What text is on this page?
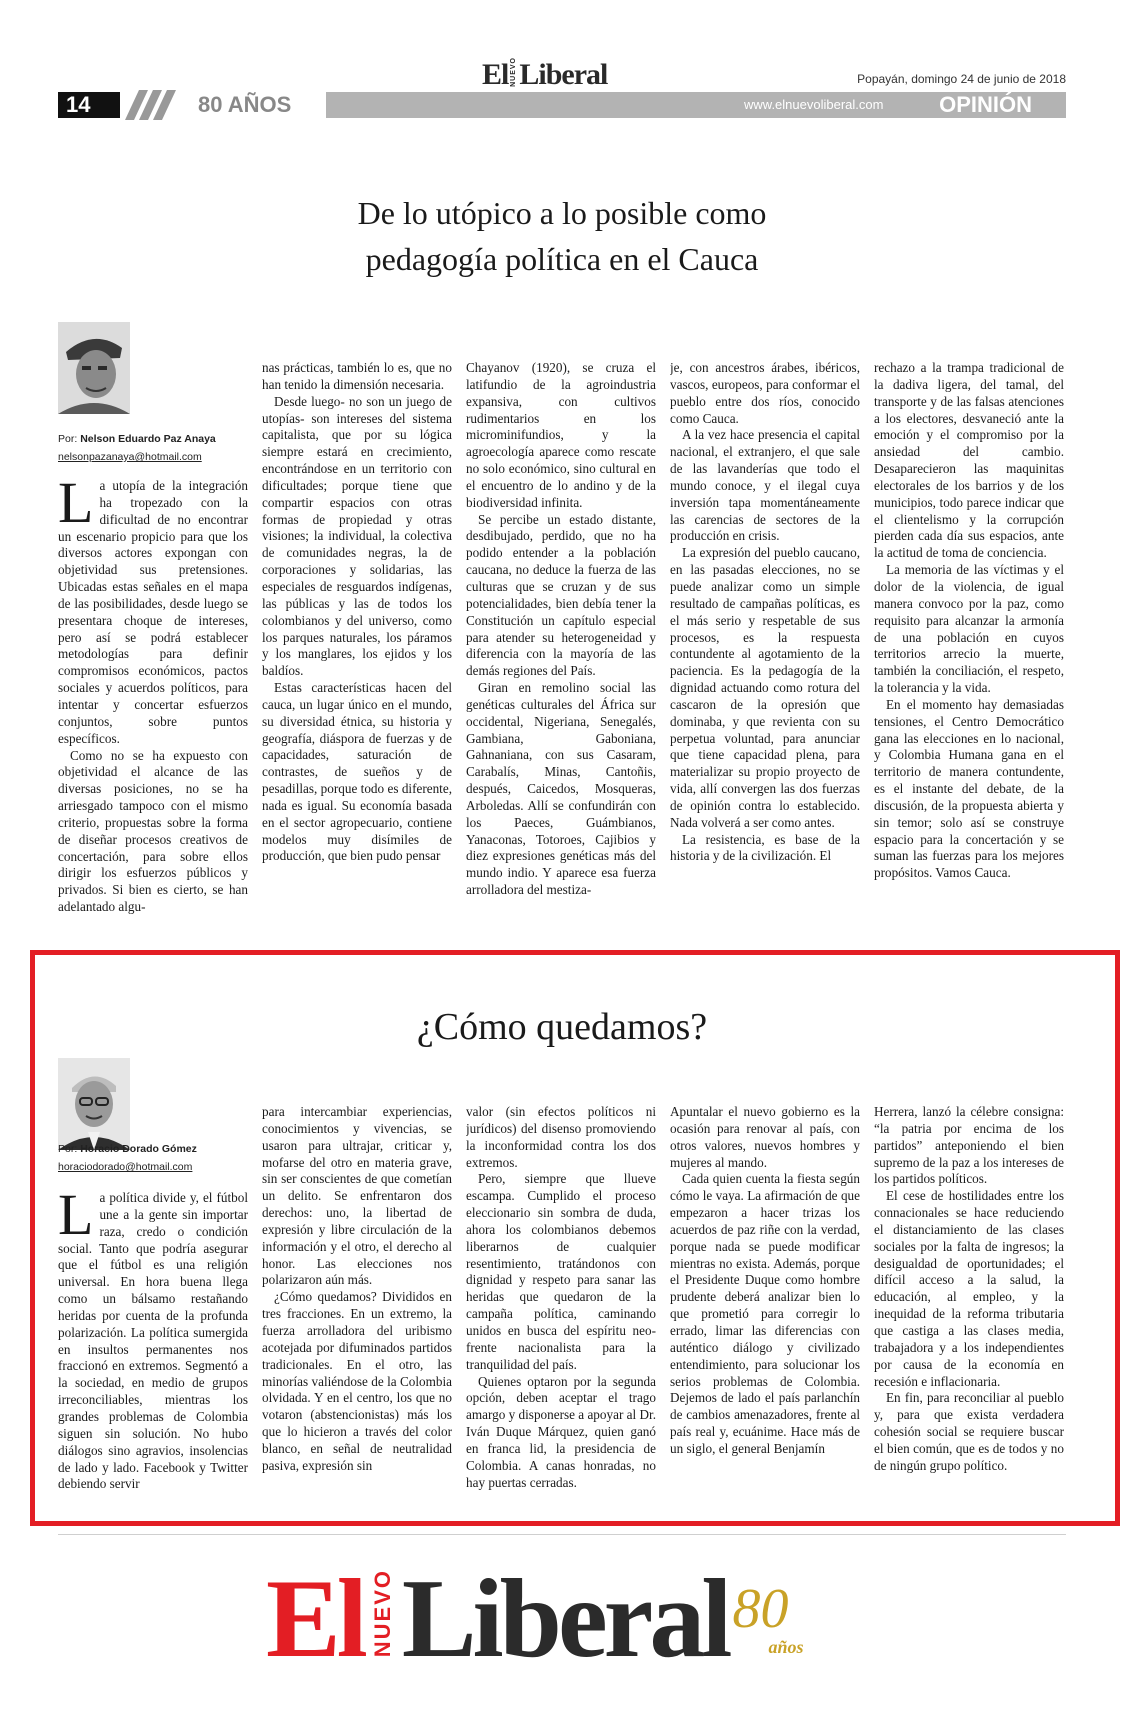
El NUEVO Liberal	Popayán, domingo 24 de junio de 2018
14	80 AÑOS	www.elnuevoliberal.com	OPINIÓN
De lo utópico a lo posible como
pedagogía política en el Cauca
Por: Nelson Eduardo Paz Anaya
nelsonpazanaya@hotmail.com
L a utopía de la integración ha tropezado con la dificultad de no encontrar un escenario propicio para que los diversos actores expongan con objetividad sus pretensiones. Ubicadas estas señales en el mapa de las posibilidades, desde luego se presentara choque de intereses, pero así se podrá establecer metodologías para definir compromisos económicos, pactos sociales y acuerdos políticos, para intentar y concertar esfuerzos conjuntos, sobre puntos específicos.

Como no se ha expuesto con objetividad el alcance de las diversas posiciones, no se ha arriesgado tampoco con el mismo criterio, propuestas sobre la forma de diseñar procesos creativos de concertación, para sobre ellos dirigir los esfuerzos públicos y privados. Si bien es cierto, se han adelantado algu-

nas prácticas, también lo es, que no han tenido la dimensión necesaria.

Desde luego- no son un juego de utopías- son intereses del sistema capitalista, que por su lógica siempre estará en crecimiento, encontrándose en un territorio con dificultades; porque tiene que compartir espacios con otras formas de propiedad y otras visiones; la individual, la colectiva de comunidades negras, la de corporaciones y solidarias, las especiales de resguardos indígenas, las públicas y las de todos los colombianos y del universo, como los parques naturales, los páramos y los manglares, los ejidos y los baldíos.

Estas características hacen del cauca, un lugar único en el mundo, su diversidad étnica, su historia y geografía, diáspora de fuerzas y de capacidades, saturación de contrastes, de sueños y de pesadillas, porque todo es diferente, nada es igual. Su economía basada en el sector agropecuario, contiene modelos muy disímiles de producción, que bien pudo pensar

Chayanov (1920), se cruza el latifundio de la agroindustria expansiva, con cultivos rudimentarios en los microminifundios, y la agroecología aparece como rescate no solo económico, sino cultural en el encuentro de lo andino y de la biodiversidad infinita.

Se percibe un estado distante, desdibujado, perdido, que no ha podido entender a la población caucana, no deduce la fuerza de las culturas que se cruzan y de sus potencialidades, bien debía tener la Constitución un capítulo especial para atender su heterogeneidad y diferencia con la mayoría de las demás regiones del País.

Giran en remolino social las genéticas culturales del África sur occidental, Nigeriana, Senegalés, Gambiana, Gaboniana, Gahnaniana, con sus Casaram, Carabalís, Minas, Cantoñis, después, Caicedos, Mosqueras, Arboledas. Allí se confundirán con los Paeces, Guámbianos, Yanaconas, Totoroes, Cajibios y diez expresiones genéticas más del mundo indio. Y aparece esa fuerza arrolladora del mestiza-

je, con ancestros árabes, ibéricos, vascos, europeos, para conformar el pueblo entre dos ríos, conocido como Cauca.

A la vez hace presencia el capital nacional, el extranjero, el que sale de las lavanderías que todo el mundo conoce, y el ilegal cuya inversión tapa momentáneamente las carencias de sectores de la producción en crisis.

La expresión del pueblo caucano, en las pasadas elecciones, no se puede analizar como un simple resultado de campañas políticas, es el más serio y respetable de sus procesos, es la respuesta contundente al agotamiento de la paciencia. Es la pedagogía de la dignidad actuando como rotura del cascaron de la opresión que dominaba, y que revienta con su perpetua voluntad, para anunciar que tiene capacidad plena, para materializar su propio proyecto de vida, allí convergen las dos fuerzas de opinión contra lo establecido. Nada volverá a ser como antes.

La resistencia, es base de la historia y de la civilización. El

rechazo a la trampa tradicional de la dadiva ligera, del tamal, del transporte y de las falsas atenciones a los electores, desvaneció ante la emoción y el compromiso por la ansiedad del cambio. Desaparecieron las maquinitas electorales de los barrios y de los municipios, todo parece indicar que el clientelismo y la corrupción pierden cada día sus espacios, ante la actitud de toma de conciencia.

La memoria de las víctimas y el dolor de la violencia, de igual manera convoco por la paz, como requisito para alcanzar la armonía de una población en cuyos territorios arrecio la muerte, también la conciliación, el respeto, la tolerancia y la vida.

En el momento hay demasiadas tensiones, el Centro Democrático gana las elecciones en lo nacional, y Colombia Humana gana en el territorio de manera contundente, es el instante del debate, de la discusión, de la propuesta abierta y sin temor; solo así se construye espacio para la concertación y se suman las fuerzas para los mejores propósitos. Vamos Cauca.

¿Cómo quedamos?
Por: Horacio Dorado Gómez
horaciodorado@hotmail.com
L a política divide y, el fútbol une a la gente sin importar raza, credo o condición social. Tanto que podría asegurar que el fútbol es una religión universal. En hora buena llega como un bálsamo restañando heridas por cuenta de la profunda polarización. La política sumergida en insultos permanentes nos fraccionó en extremos. Segmentó a la sociedad, en medio de grupos irreconciliables, mientras los grandes problemas de Colombia siguen sin solución. No hubo diálogos sino agravios, insolencias de lado y lado. Facebook y Twitter debiendo servir

para intercambiar experiencias, conocimientos y vivencias, se usaron para ultrajar, criticar y, mofarse del otro en materia grave, sin ser conscientes de que cometían un delito. Se enfrentaron dos derechos: uno, la libertad de expresión y libre circulación de la información y el otro, el derecho al honor. Las elecciones nos polarizaron aún más.

¿Cómo quedamos? Divididos en tres fracciones. En un extremo, la fuerza arrolladora del uribismo acotejada por difuminados partidos tradicionales. En el otro, las minorías valiéndose de la Colombia olvidada. Y en el centro, los que no votaron (abstencionistas) más los que lo hicieron a través del color blanco, en señal de neutralidad pasiva, expresión sin

valor (sin efectos políticos ni jurídicos) del disenso promoviendo la inconformidad contra los dos extremos.

Pero, siempre que llueve escampa. Cumplido el proceso eleccionario sin sombra de duda, ahora los colombianos debemos liberarnos de cualquier resentimiento, tratándonos con dignidad y respeto para sanar las heridas que quedaron de la campaña política, caminando unidos en busca del espíritu neo-frente nacionalista para la tranquilidad del país.

Quienes optaron por la segunda opción, deben aceptar el trago amargo y disponerse a apoyar al Dr. Iván Duque Márquez, quien ganó en franca lid, la presidencia de Colombia. A canas honradas, no hay puertas cerradas.

Apuntalar el nuevo gobierno es la ocasión para renovar al país, con otros valores, nuevos hombres y mujeres al mando.

Cada quien cuenta la fiesta según cómo le vaya. La afirmación de que empezaron a hacer trizas los acuerdos de paz riñe con la verdad, porque nada se puede modificar mientras no exista. Además, porque el Presidente Duque como hombre prudente deberá analizar bien lo que prometió para corregir lo errado, limar las diferencias con auténtico diálogo y civilizado entendimiento, para solucionar los serios problemas de Colombia. Dejemos de lado el país parlanchín de cambios amenazadores, frente al país real y, ecuánime. Hace más de un siglo, el general Benjamín

Herrera, lanzó la célebre consigna: “la patria por encima de los partidos” anteponiendo el bien supremo de la paz a los intereses de los partidos políticos.

El cese de hostilidades entre los connacionales se hace reduciendo el distanciamiento de las clases sociales por la falta de ingresos; la desigualdad de oportunidades; el difícil acceso a la salud, la educación, al empleo, y la inequidad de la reforma tributaria que castiga a las clases media, trabajadora y a los independientes por causa de la economía en recesión e inflacionaria.

En fin, para reconciliar al pueblo y, para que exista verdadera cohesión social se requiere buscar el bien común, que es de todos y no de ningún grupo político.

El NUEVO Liberal 80
años
